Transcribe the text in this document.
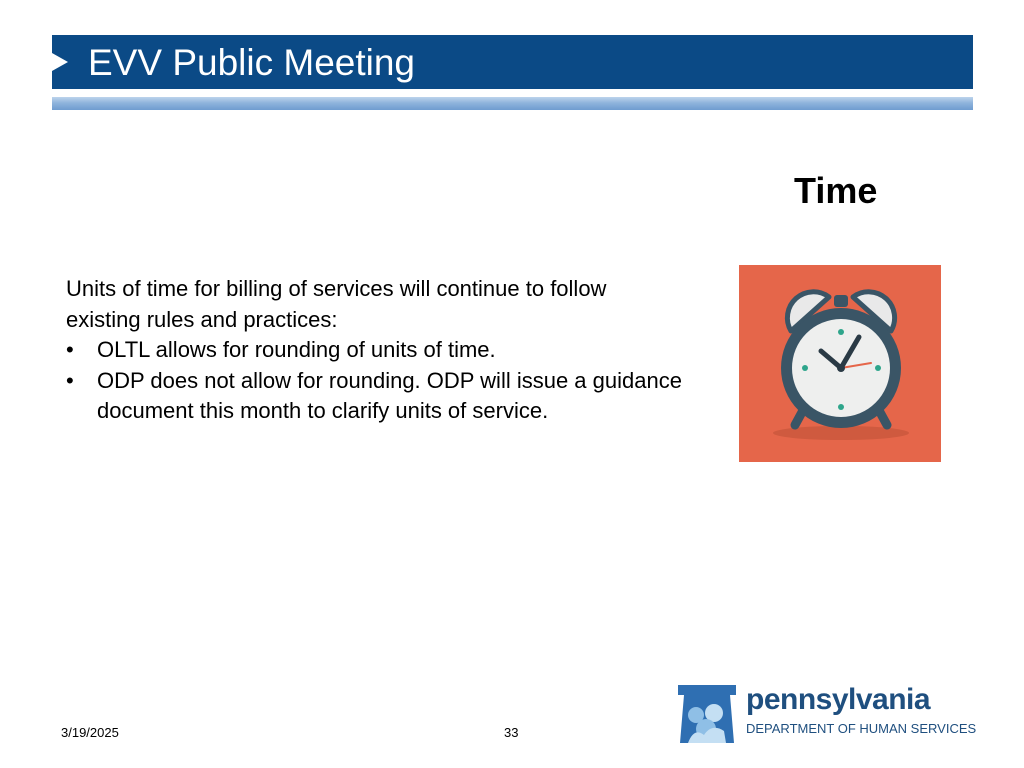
EVV Public Meeting
Time

Units of time for billing of services will continue to follow
existing rules and practices:

• OLTL allows for rounding of units of time.

• ODP does not allow for rounding. ODP will issue a guidance document this month to clarify units of service.

3/19/2025	33
pennsylvania
DEPARTMENT OF HUMAN SERVICES
